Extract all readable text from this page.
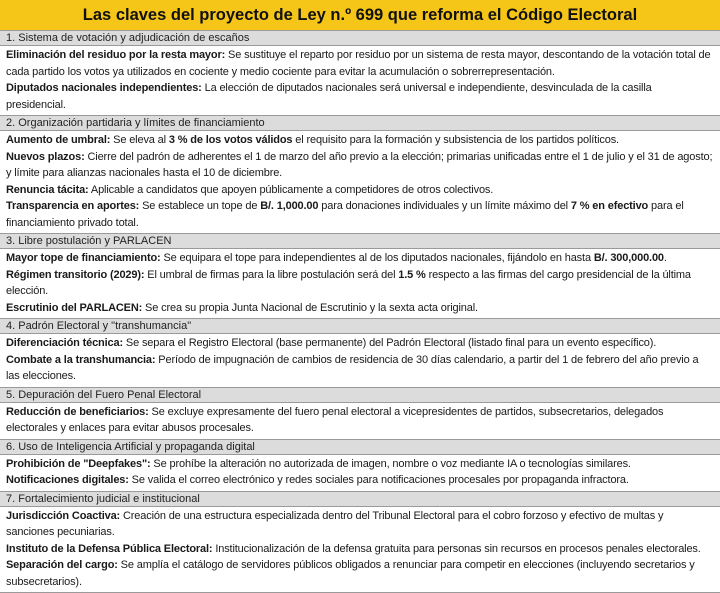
Las claves del proyecto de Ley n.º 699 que reforma el Código Electoral
1. Sistema de votación y adjudicación de escaños

Eliminación del residuo por la resta mayor: Se sustituye el reparto por residuo por un sistema de resta mayor, descontando de la votación total de cada partido los votos ya utilizados en cociente y medio cociente para evitar la acumulación o sobrerrepresentación.

Diputados nacionales independientes: La elección de diputados nacionales será universal e independiente, desvinculada de la casilla presidencial.

2. Organización partidaria y límites de financiamiento

Aumento de umbral: Se eleva al 3 % de los votos válidos el requisito para la formación y subsistencia de los partidos políticos.

Nuevos plazos: Cierre del padrón de adherentes el 1 de marzo del año previo a la elección; primarias unificadas entre el 1 de julio y el 31 de agosto; y límite para alianzas nacionales hasta el 10 de diciembre.

Renuncia tácita: Aplicable a candidatos que apoyen públicamente a competidores de otros colectivos.

Transparencia en aportes: Se establece un tope de B/. 1,000.00 para donaciones individuales y un límite máximo del 7 % en efectivo para el financiamiento privado total.

3. Libre postulación y PARLACEN

Mayor tope de financiamiento: Se equipara el tope para independientes al de los diputados nacionales, fijándolo en hasta B/. 300,000.00.

Régimen transitorio (2029): El umbral de firmas para la libre postulación será del 1.5 % respecto a las firmas del cargo presidencial de la última elección.

Escrutinio del PARLACEN: Se crea su propia Junta Nacional de Escrutinio y la sexta acta original.

4. Padrón Electoral y "transhumancia"

Diferenciación técnica: Se separa el Registro Electoral (base permanente) del Padrón Electoral (listado final para un evento específico).

Combate a la transhumancia: Período de impugnación de cambios de residencia de 30 días calendario, a partir del 1 de febrero del año previo a las elecciones.

5. Depuración del Fuero Penal Electoral

Reducción de beneficiarios: Se excluye expresamente del fuero penal electoral a vicepresidentes de partidos, subsecretarios, delegados electorales y enlaces para evitar abusos procesales.

6. Uso de Inteligencia Artificial y propaganda digital

Prohibición de "Deepfakes": Se prohíbe la alteración no autorizada de imagen, nombre o voz mediante IA o tecnologías similares.

Notificaciones digitales: Se valida el correo electrónico y redes sociales para notificaciones procesales por propaganda infractora.

7. Fortalecimiento judicial e institucional

Jurisdicción Coactiva: Creación de una estructura especializada dentro del Tribunal Electoral para el cobro forzoso y efectivo de multas y sanciones pecuniarias.

Instituto de la Defensa Pública Electoral: Institucionalización de la defensa gratuita para personas sin recursos en procesos penales electorales.

Separación del cargo: Se amplía el catálogo de servidores públicos obligados a renunciar para competir en elecciones (incluyendo secretarios y subsecretarios).
